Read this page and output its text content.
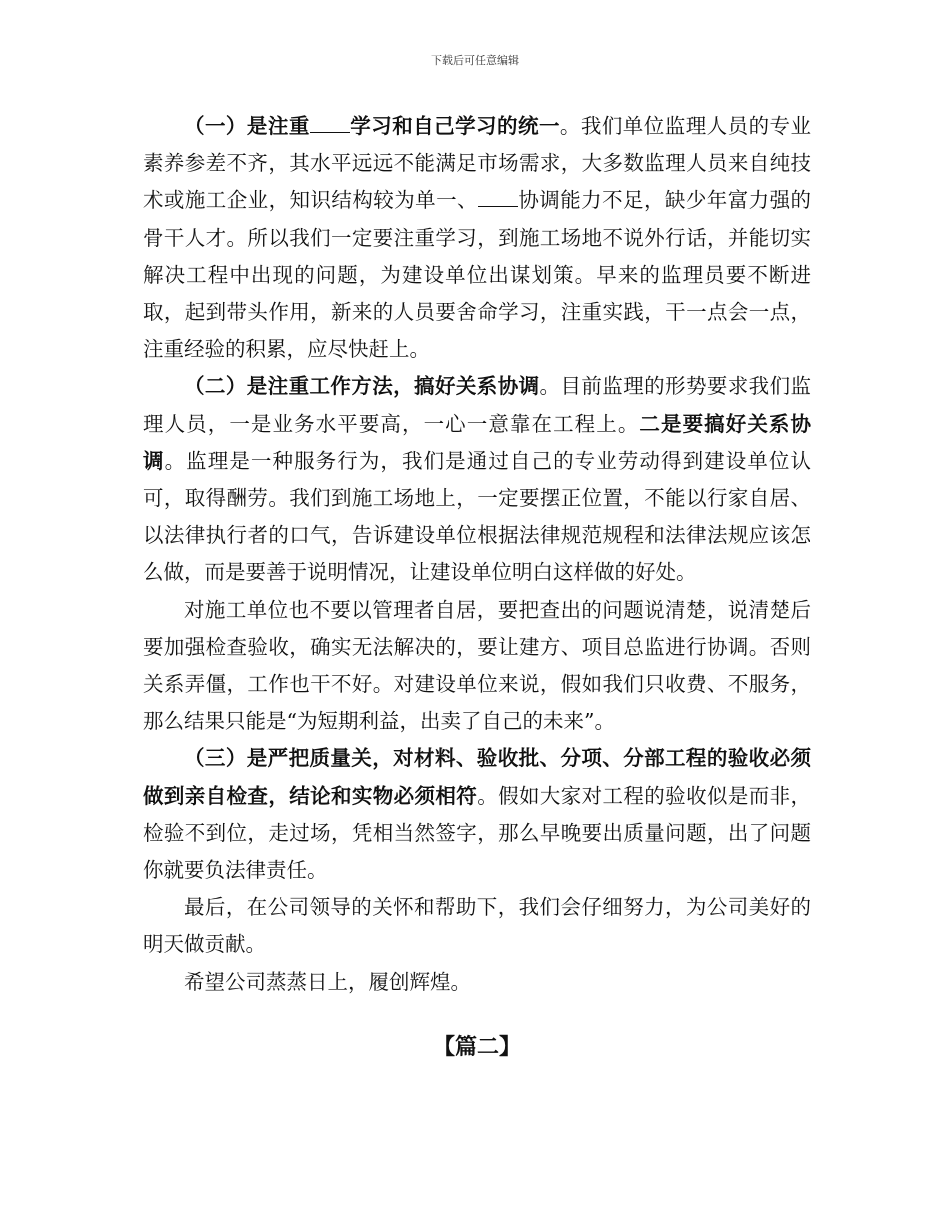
下载后可任意编辑

（一）是注重 学习和自己学习的统一。我们单位监理人员的专业素养参差不齐，其水平远远不能满足市场需求，大多数监理人员来自纯技术或施工企业，知识结构较为单一、 协调能力不足，缺少年富力强的骨干人才。所以我们一定要注重学习，到施工场地不说外行话，并能切实解决工程中出现的问题，为建设单位出谋划策。早来的监理员要不断进取，起到带头作用，新来的人员要舍命学习，注重实践，干一点会一点，注重经验的积累，应尽快赶上。

（二）是注重工作方法，搞好关系协调。目前监理的形势要求我们监理人员，一是业务水平要高，一心一意靠在工程上。二是要搞好关系协调。监理是一种服务行为，我们是通过自己的专业劳动得到建设单位认可，取得酬劳。我们到施工场地上，一定要摆正位置，不能以行家自居、以法律执行者的口气，告诉建设单位根据法律规范规程和法律法规应该怎么做，而是要善于说明情况，让建设单位明白这样做的好处。

对施工单位也不要以管理者自居，要把查出的问题说清楚，说清楚后要加强检查验收，确实无法解决的，要让建方、项目总监进行协调。否则关系弄僵，工作也干不好。对建设单位来说，假如我们只收费、不服务，那么结果只能是“为短期利益，出卖了自己的未来”。

（三）是严把质量关，对材料、验收批、分项、分部工程的验收必须做到亲自检查，结论和实物必须相符。假如大家对工程的验收似是而非，检验不到位，走过场，凭相当然签字，那么早晚要出质量问题，出了问题你就要负法律责任。

最后，在公司领导的关怀和帮助下，我们会仔细努力，为公司美好的明天做贡献。

希望公司蒸蒸日上，履创辉煌。

【篇二】
